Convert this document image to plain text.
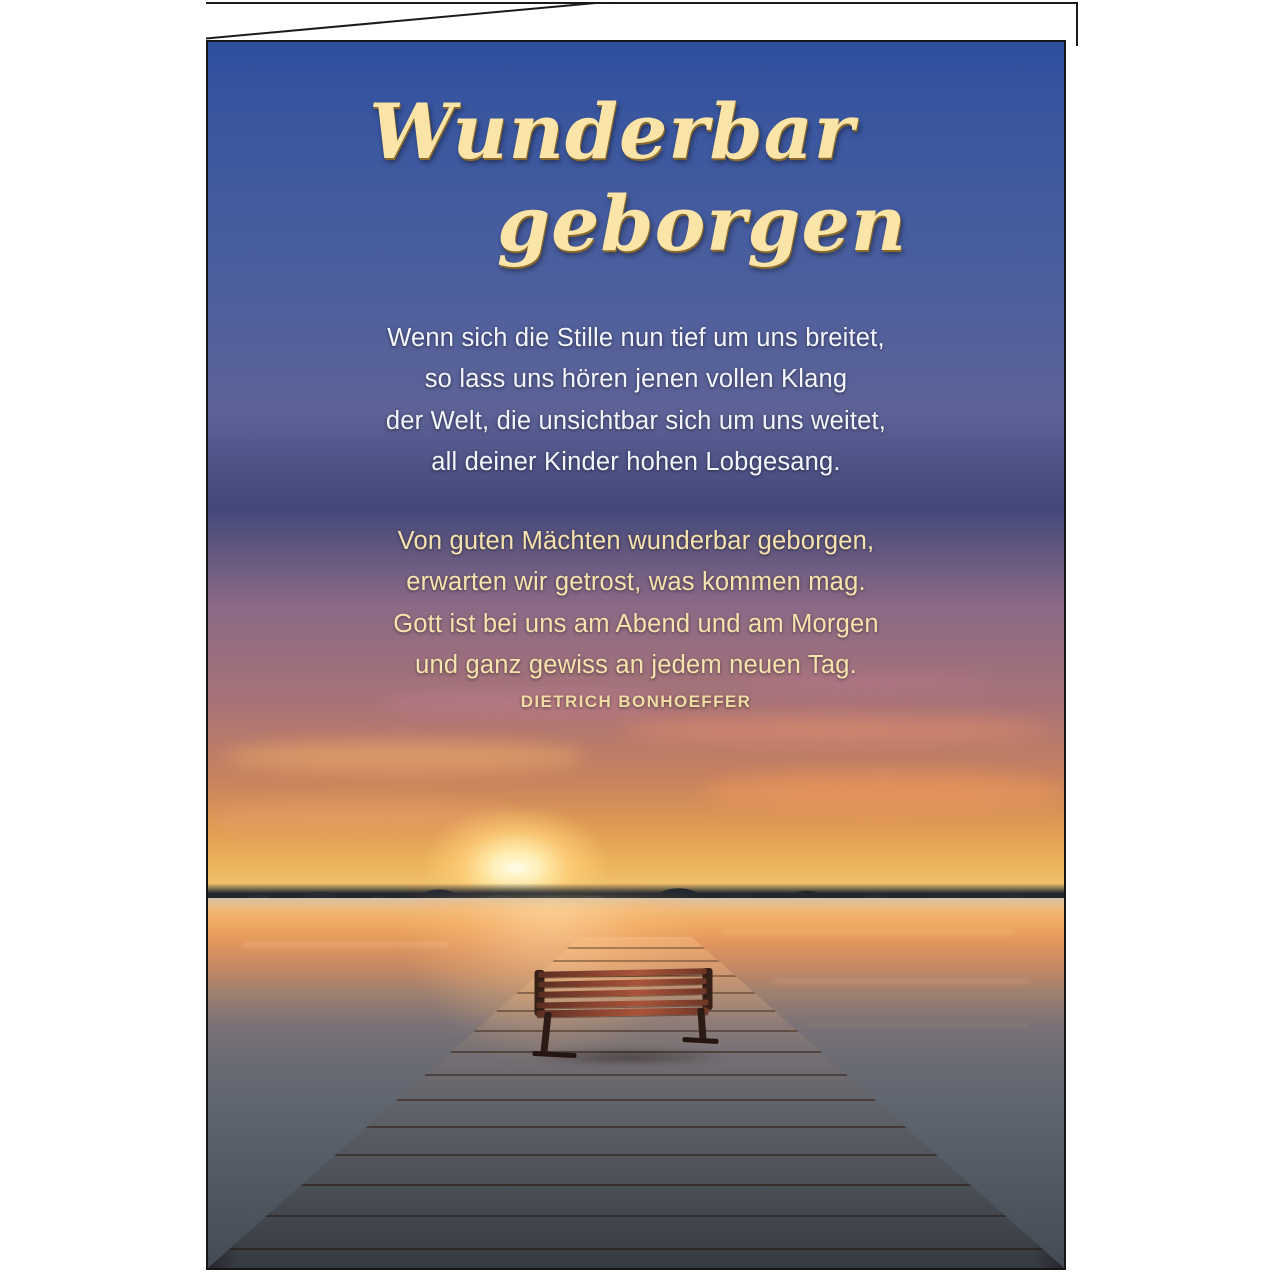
Wunderbar
geborgen
Wenn sich die Stille nun tief um uns breitet,
so lass uns hören jenen vollen Klang
der Welt, die unsichtbar sich um uns weitet,
all deiner Kinder hohen Lobgesang.
Von guten Mächten wunderbar geborgen,
erwarten wir getrost, was kommen mag.
Gott ist bei uns am Abend und am Morgen
und ganz gewiss an jedem neuen Tag.
DIETRICH BONHOEFFER
